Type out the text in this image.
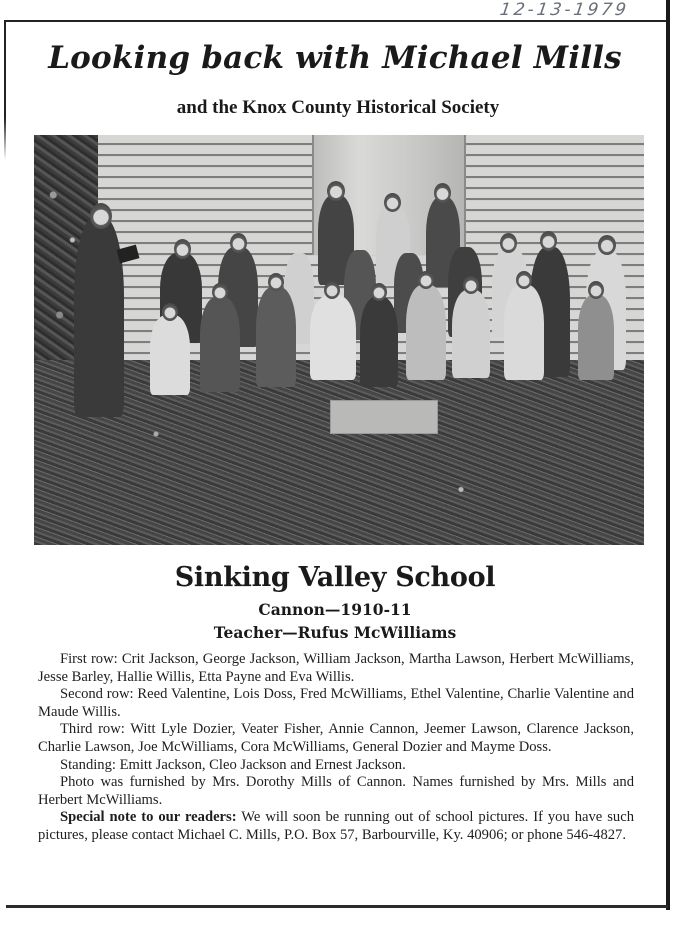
12-13-1979
Looking back with Michael Mills
and the Knox County Historical Society
Sinking Valley School
Cannon—1910-11
Teacher—Rufus McWilliams

First row: Crit Jackson, George Jackson, William Jackson, Martha Lawson, Herbert McWilliams, Jesse Barley, Hallie Willis, Etta Payne and Eva Willis.

Second row: Reed Valentine, Lois Doss, Fred McWilliams, Ethel Valentine, Charlie Valentine and Maude Willis.

Third row: Witt Lyle Dozier, Veater Fisher, Annie Cannon, Jeemer Lawson, Clarence Jackson, Charlie Lawson, Joe McWilliams, Cora McWilliams, General Dozier and Mayme Doss.

Standing: Emitt Jackson, Cleo Jackson and Ernest Jackson.

Photo was furnished by Mrs. Dorothy Mills of Cannon. Names furnished by Mrs. Mills and Herbert McWilliams.

Special note to our readers: We will soon be running out of school pictures. If you have such pictures, please contact Michael C. Mills, P.O. Box 57, Barbourville, Ky. 40906; or phone 546-4827.
